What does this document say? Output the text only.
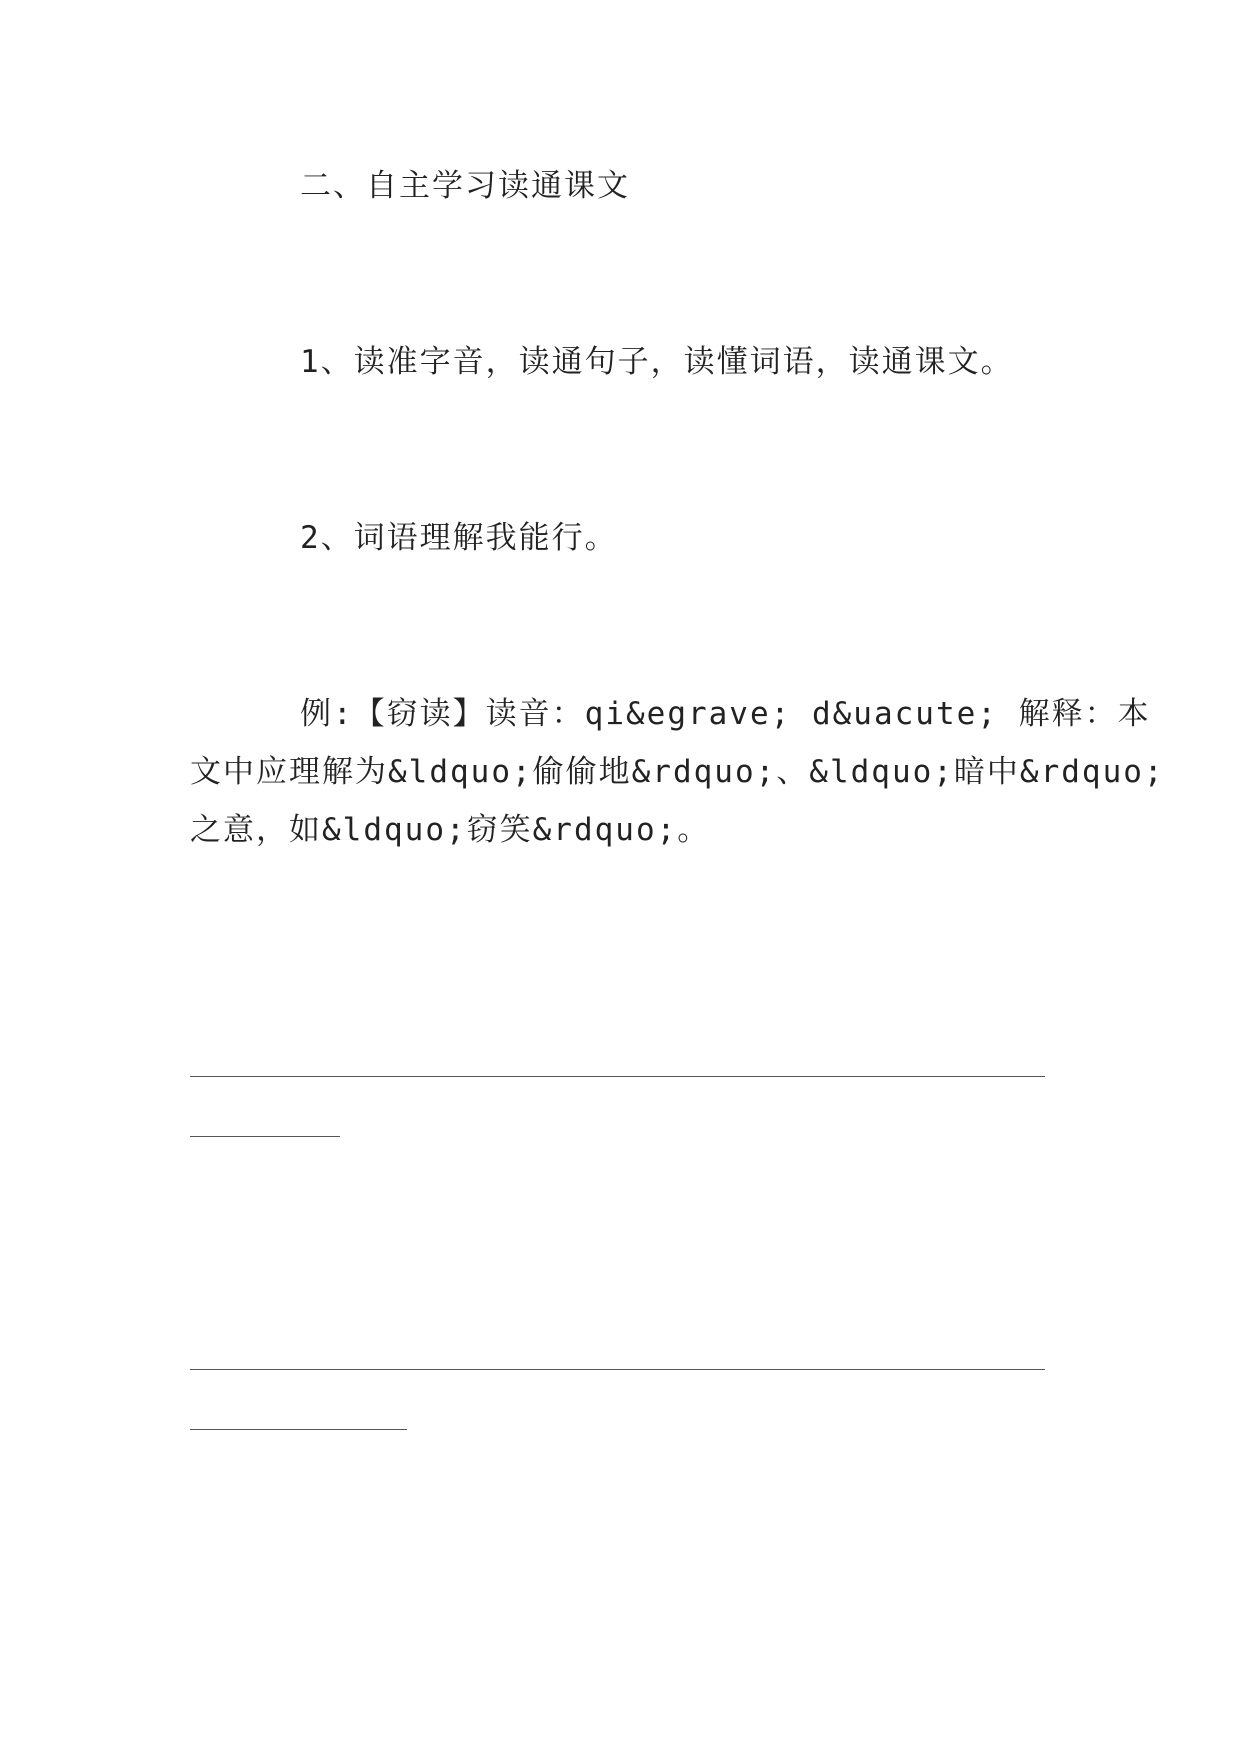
二、自主学习读通课文

1、读准字音，读通句子，读懂词语，读通课文。

2、词语理解我能行。

例:【窃读】读音：qi&egrave; d&uacute; 解释：本

文中应理解为&ldquo;偷偷地&rdquo;、&ldquo;暗中&rdquo;

之意，如&ldquo;窃笑&rdquo;。
